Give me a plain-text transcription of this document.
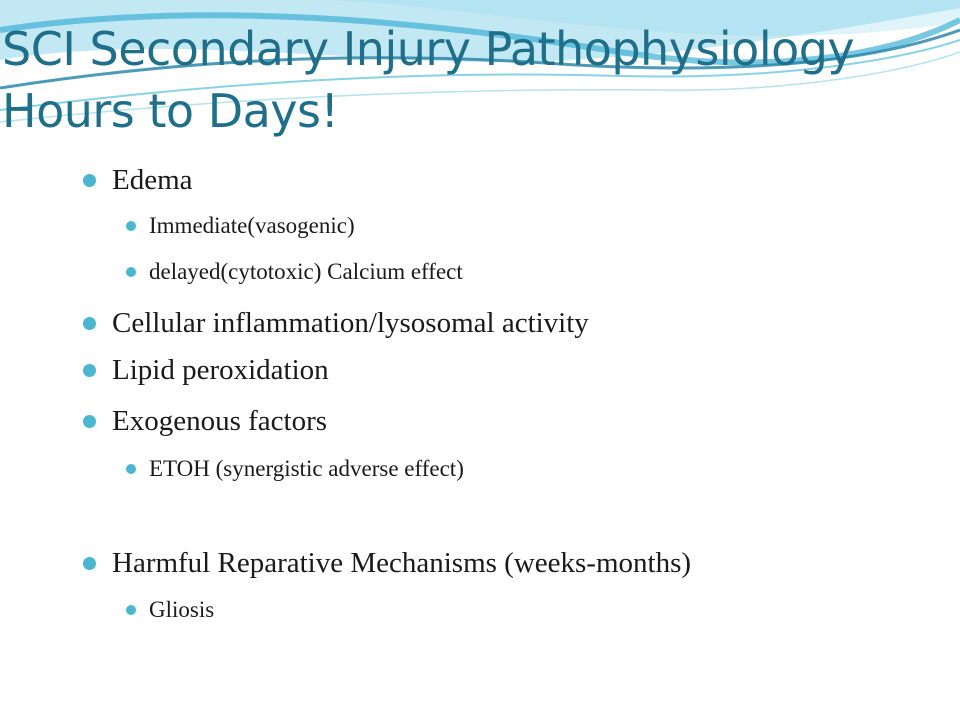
SCI Secondary Injury Pathophysiology
Hours to Days!
Edema
Immediate(vasogenic)
delayed(cytotoxic) Calcium effect
Cellular inflammation/lysosomal activity
Lipid peroxidation
Exogenous factors
ETOH (synergistic adverse effect)
Harmful Reparative Mechanisms (weeks-months)
Gliosis
